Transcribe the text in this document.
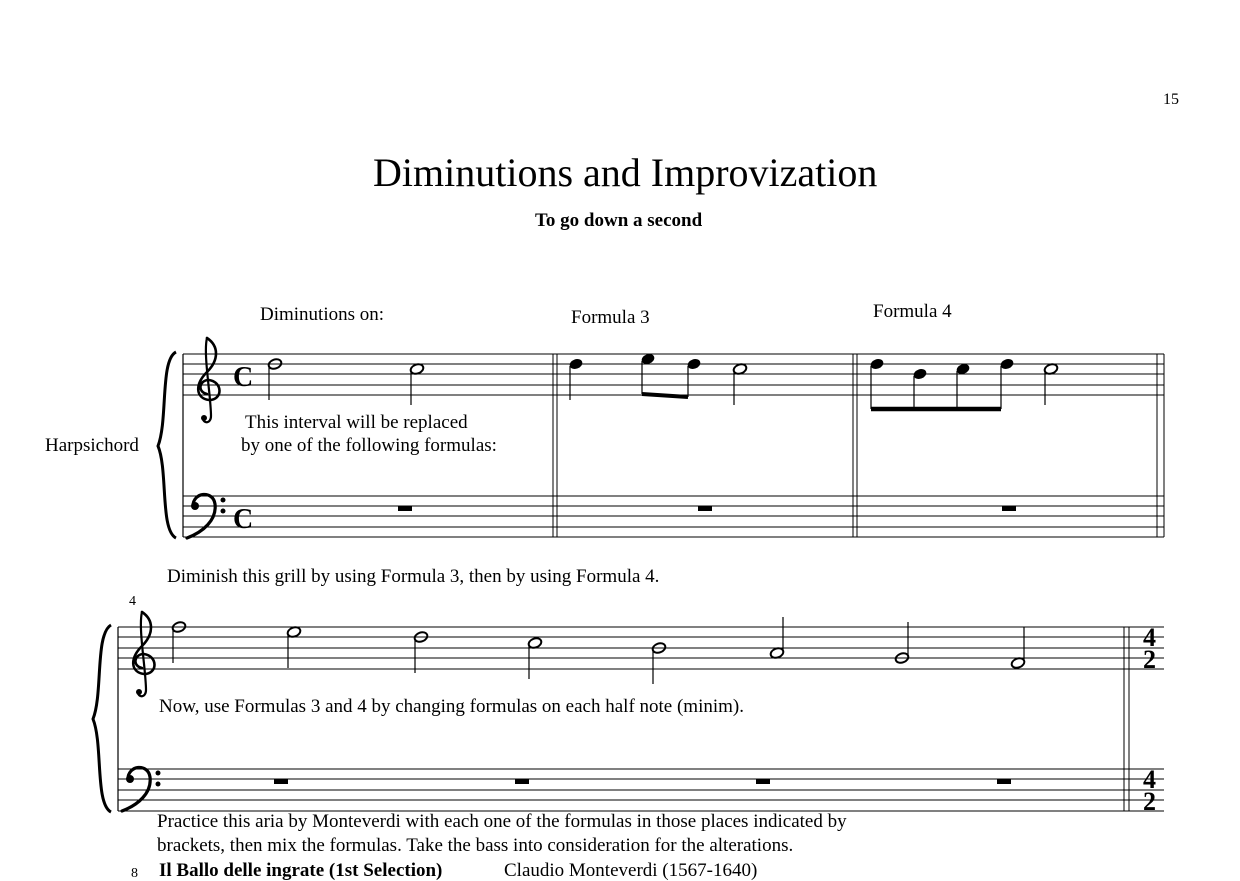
15
Diminutions and Improvization
To go down a second
Diminutions on:	Formula 3	Formula 4
Harpsichord
This interval will be replaced
by one of the following formulas:
Diminish this grill by using Formula 3, then by using Formula 4.
4
Now, use Formulas 3 and 4 by changing formulas on each half note (minim).
Practice this aria by Monteverdi with each one of the formulas in those places indicated by
brackets, then mix the formulas. Take the bass into consideration for the alterations.
8 Il Ballo delle ingrate (1st Selection)	Claudio Monteverdi (1567-1640)
C
C
4
2
4
2
